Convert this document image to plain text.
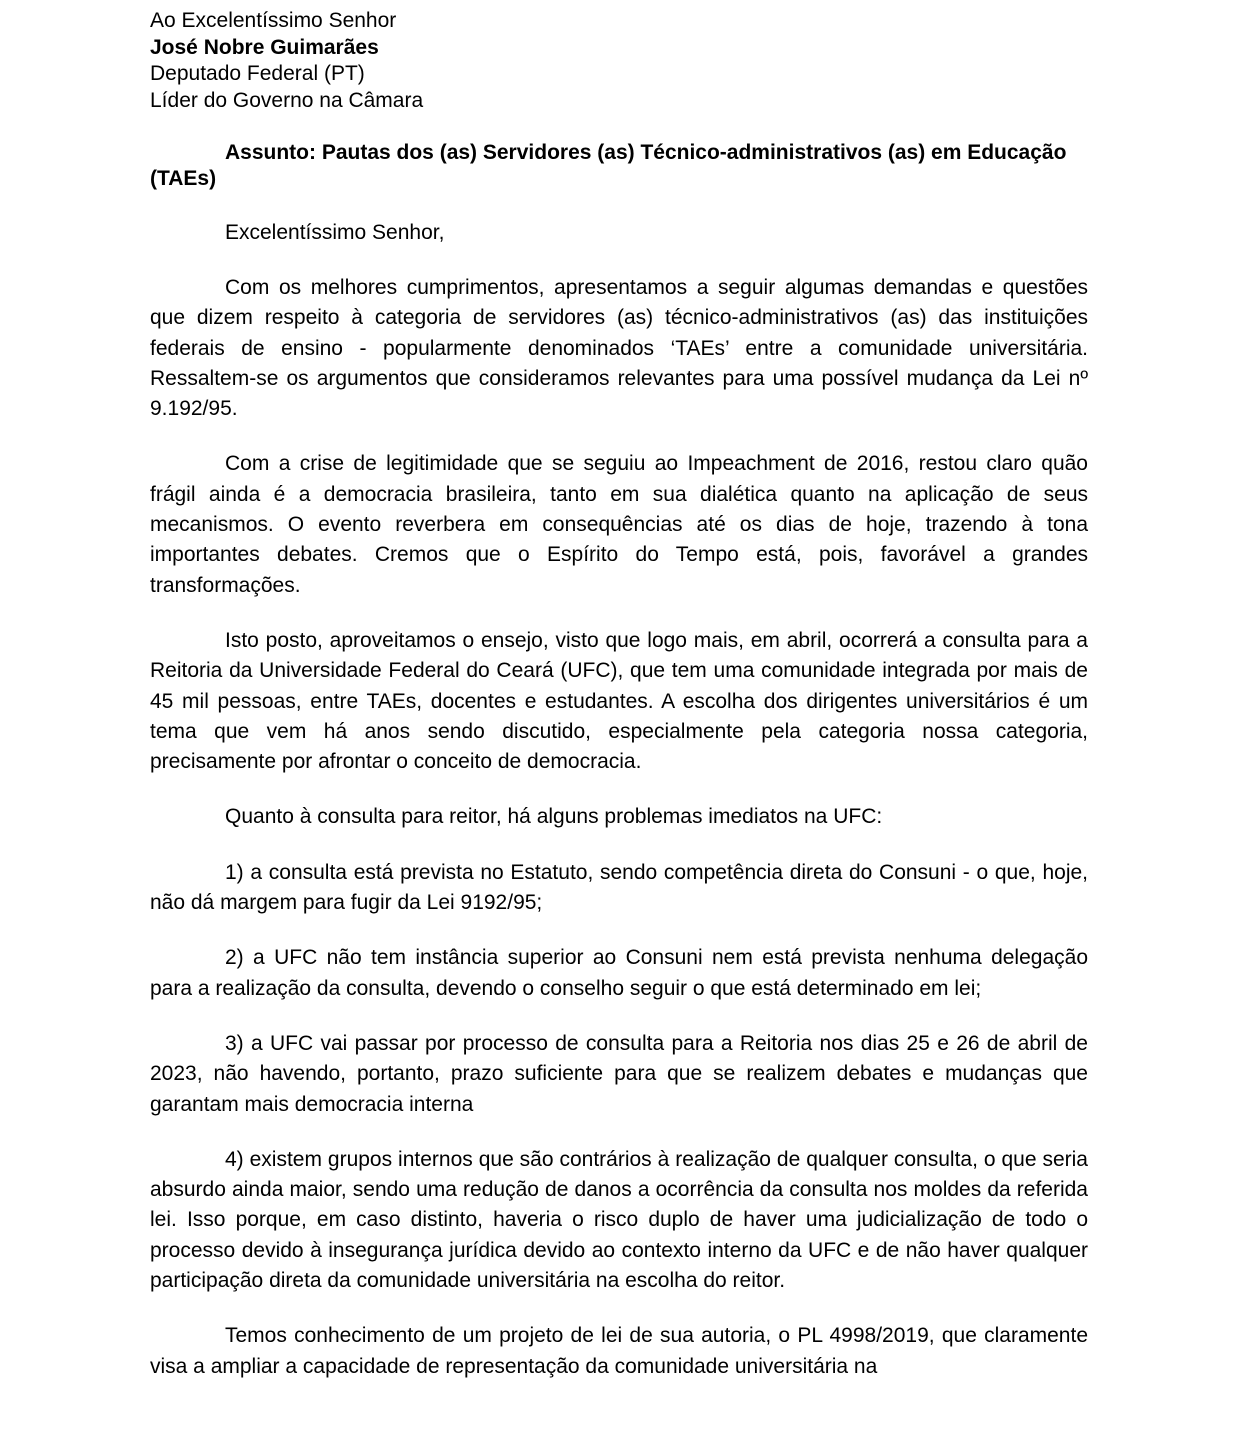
Ao Excelentíssimo Senhor
José Nobre Guimarães
Deputado Federal (PT)
Líder do Governo na Câmara
Assunto: Pautas dos (as) Servidores (as) Técnico-administrativos (as) em Educação (TAEs)
Excelentíssimo Senhor,
Com os melhores cumprimentos, apresentamos a seguir algumas demandas e questões que dizem respeito à categoria de servidores (as) técnico-administrativos (as) das instituições federais de ensino - popularmente denominados ‘TAEs’ entre a comunidade universitária. Ressaltem-se os argumentos que consideramos relevantes para uma possível mudança da Lei nº 9.192/95.
Com a crise de legitimidade que se seguiu ao Impeachment de 2016, restou claro quão frágil ainda é a democracia brasileira, tanto em sua dialética quanto na aplicação de seus mecanismos. O evento reverbera em consequências até os dias de hoje, trazendo à tona importantes debates. Cremos que o Espírito do Tempo está, pois, favorável a grandes transformações.
Isto posto, aproveitamos o ensejo, visto que logo mais, em abril, ocorrerá a consulta para a Reitoria da Universidade Federal do Ceará (UFC), que tem uma comunidade integrada por mais de 45 mil pessoas, entre TAEs, docentes e estudantes. A escolha dos dirigentes universitários é um tema que vem há anos sendo discutido, especialmente pela categoria nossa categoria, precisamente por afrontar o conceito de democracia.
Quanto à consulta para reitor, há alguns problemas imediatos na UFC:
1) a consulta está prevista no Estatuto, sendo competência direta do Consuni - o que, hoje, não dá margem para fugir da Lei 9192/95;
2) a UFC não tem instância superior ao Consuni nem está prevista nenhuma delegação para a realização da consulta, devendo o conselho seguir o que está determinado em lei;
3) a UFC vai passar por processo de consulta para a Reitoria nos dias 25 e 26 de abril de 2023, não havendo, portanto, prazo suficiente para que se realizem debates e mudanças que garantam mais democracia interna
4) existem grupos internos que são contrários à realização de qualquer consulta, o que seria absurdo ainda maior, sendo uma redução de danos a ocorrência da consulta nos moldes da referida lei. Isso porque, em caso distinto, haveria o risco duplo de haver uma judicialização de todo o processo devido à insegurança jurídica devido ao contexto interno da UFC e de não haver qualquer participação direta da comunidade universitária na escolha do reitor.
Temos conhecimento de um projeto de lei de sua autoria, o PL 4998/2019, que claramente visa a ampliar a capacidade de representação da comunidade universitária na
